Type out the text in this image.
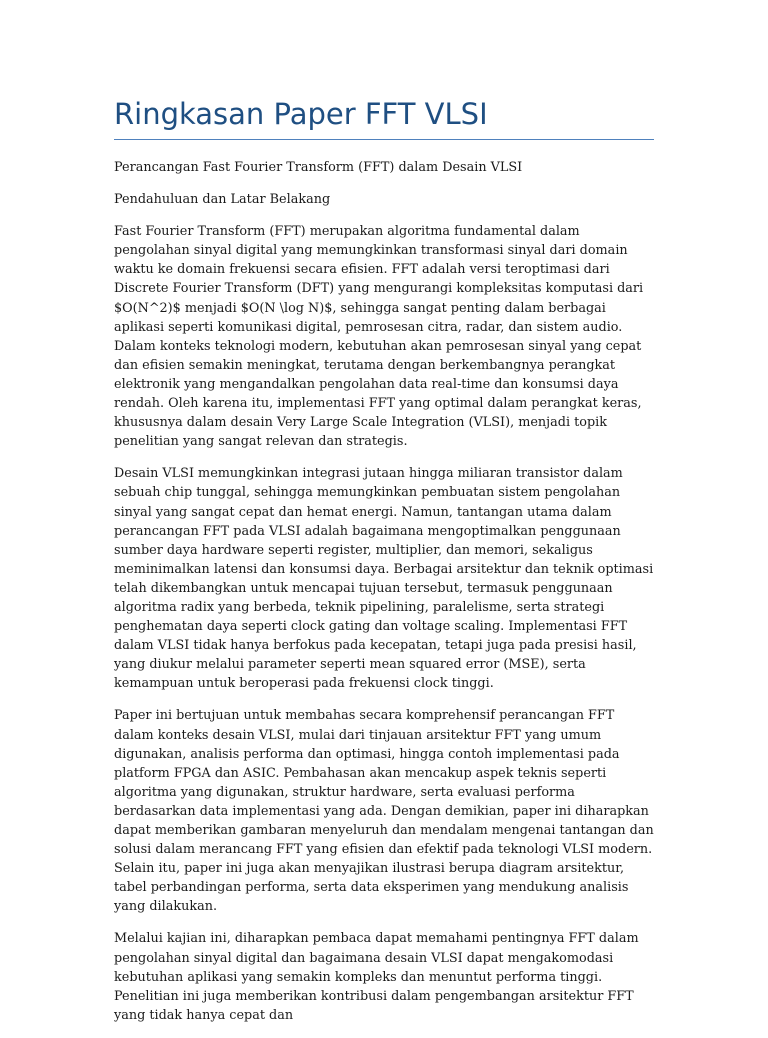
Ringkasan Paper FFT VLSI

Perancangan Fast Fourier Transform (FFT) dalam Desain VLSI

Pendahuluan dan Latar Belakang

Fast Fourier Transform (FFT) merupakan algoritma fundamental dalam pengolahan sinyal digital yang memungkinkan transformasi sinyal dari domain waktu ke domain frekuensi secara efisien. FFT adalah versi teroptimasi dari Discrete Fourier Transform (DFT) yang mengurangi kompleksitas komputasi dari $O(N^2)$ menjadi $O(N \log N)$, sehingga sangat penting dalam berbagai aplikasi seperti komunikasi digital, pemrosesan citra, radar, dan sistem audio. Dalam konteks teknologi modern, kebutuhan akan pemrosesan sinyal yang cepat dan efisien semakin meningkat, terutama dengan berkembangnya perangkat elektronik yang mengandalkan pengolahan data real-time dan konsumsi daya rendah. Oleh karena itu, implementasi FFT yang optimal dalam perangkat keras, khususnya dalam desain Very Large Scale Integration (VLSI), menjadi topik penelitian yang sangat relevan dan strategis.

Desain VLSI memungkinkan integrasi jutaan hingga miliaran transistor dalam sebuah chip tunggal, sehingga memungkinkan pembuatan sistem pengolahan sinyal yang sangat cepat dan hemat energi. Namun, tantangan utama dalam perancangan FFT pada VLSI adalah bagaimana mengoptimalkan penggunaan sumber daya hardware seperti register, multiplier, dan memori, sekaligus meminimalkan latensi dan konsumsi daya. Berbagai arsitektur dan teknik optimasi telah dikembangkan untuk mencapai tujuan tersebut, termasuk penggunaan algoritma radix yang berbeda, teknik pipelining, paralelisme, serta strategi penghematan daya seperti clock gating dan voltage scaling. Implementasi FFT dalam VLSI tidak hanya berfokus pada kecepatan, tetapi juga pada presisi hasil, yang diukur melalui parameter seperti mean squared error (MSE), serta kemampuan untuk beroperasi pada frekuensi clock tinggi.

Paper ini bertujuan untuk membahas secara komprehensif perancangan FFT dalam konteks desain VLSI, mulai dari tinjauan arsitektur FFT yang umum digunakan, analisis performa dan optimasi, hingga contoh implementasi pada platform FPGA dan ASIC. Pembahasan akan mencakup aspek teknis seperti algoritma yang digunakan, struktur hardware, serta evaluasi performa berdasarkan data implementasi yang ada. Dengan demikian, paper ini diharapkan dapat memberikan gambaran menyeluruh dan mendalam mengenai tantangan dan solusi dalam merancang FFT yang efisien dan efektif pada teknologi VLSI modern. Selain itu, paper ini juga akan menyajikan ilustrasi berupa diagram arsitektur, tabel perbandingan performa, serta data eksperimen yang mendukung analisis yang dilakukan.

Melalui kajian ini, diharapkan pembaca dapat memahami pentingnya FFT dalam pengolahan sinyal digital dan bagaimana desain VLSI dapat mengakomodasi kebutuhan aplikasi yang semakin kompleks dan menuntut performa tinggi. Penelitian ini juga memberikan kontribusi dalam pengembangan arsitektur FFT yang tidak hanya cepat dan
